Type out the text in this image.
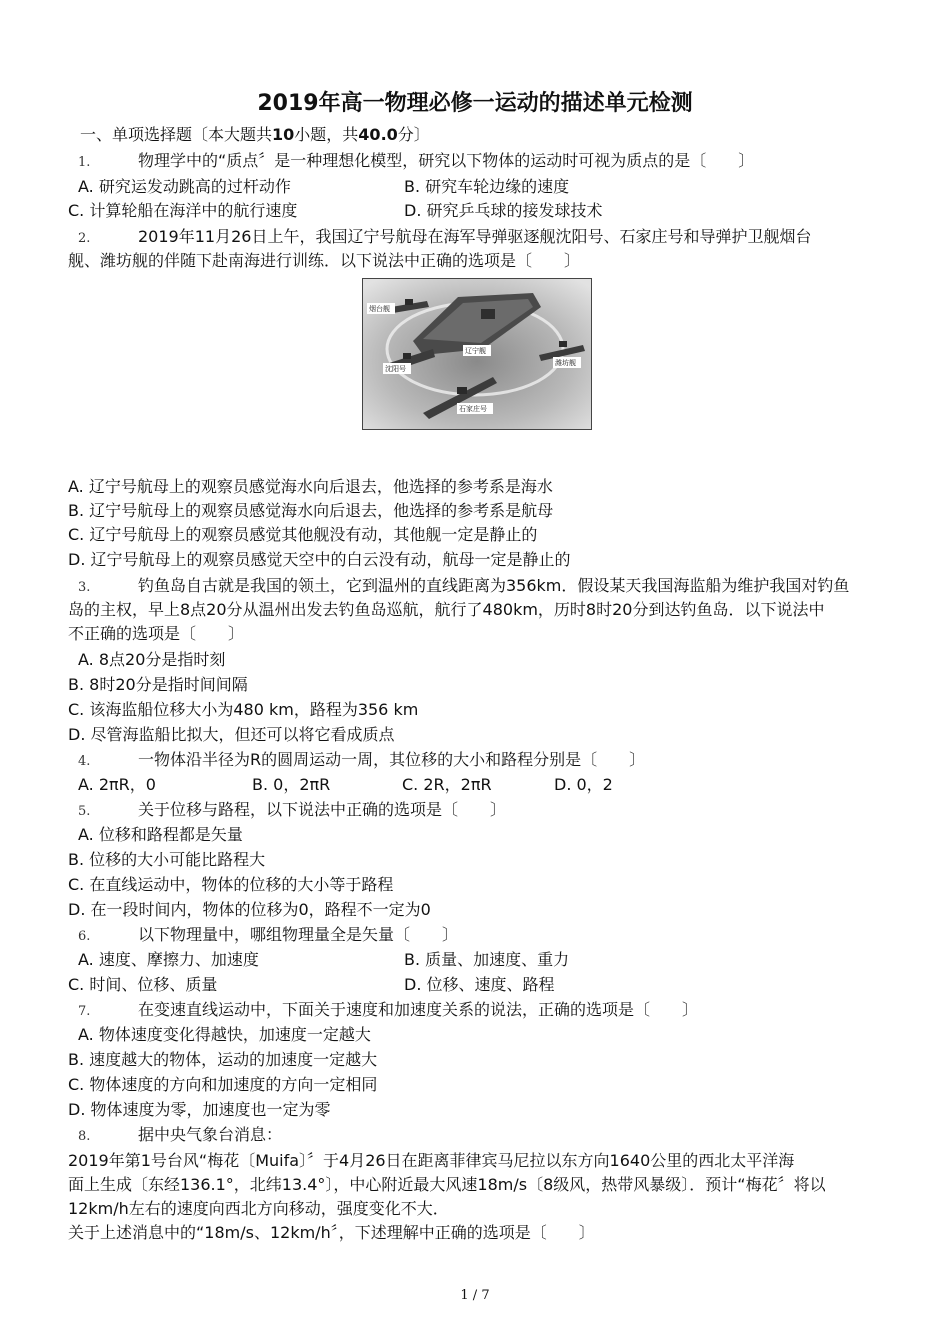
2019年高一物理必修一运动的描述单元检测
一、单项选择题〔本大题共10小题，共40.0分〕
1.	物理学中的“质点〞是一种理想化模型，研究以下物体的运动时可视为质点的是〔　　〕
A. 研究运发动跳高的过杆动作	B. 研究车轮边缘的速度
C. 计算轮船在海洋中的航行速度	D. 研究乒乓球的接发球技术
2.	2019年11月26日上午，我国辽宁号航母在海军导弹驱逐舰沈阳号、石家庄号和导弹护卫舰烟台
舰、潍坊舰的伴随下赴南海进行训练．以下说法中正确的选项是〔　　〕
烟台舰
辽宁舰
潍坊舰
沈阳号
石家庄号
A. 辽宁号航母上的观察员感觉海水向后退去，他选择的参考系是海水
B. 辽宁号航母上的观察员感觉海水向后退去，他选择的参考系是航母
C. 辽宁号航母上的观察员感觉其他舰没有动，其他舰一定是静止的
D. 辽宁号航母上的观察员感觉天空中的白云没有动，航母一定是静止的
3.	钓鱼岛自古就是我国的领土，它到温州的直线距离为356km．假设某天我国海监船为维护我国对钓鱼
岛的主权，早上8点20分从温州出发去钓鱼岛巡航，航行了480km，历时8时20分到达钓鱼岛．以下说法中
不正确的选项是〔　　〕
A. 8点20分是指时刻
B. 8时20分是指时间间隔
C. 该海监船位移大小为480 km，路程为356 km
D. 尽管海监船比拟大，但还可以将它看成质点
4.	一物体沿半径为R的圆周运动一周，其位移的大小和路程分别是〔　　〕
A. 2πR，0	B. 0，2πR	C. 2R，2πR	D. 0，2
5.	关于位移与路程，以下说法中正确的选项是〔　　〕
A. 位移和路程都是矢量
B. 位移的大小可能比路程大
C. 在直线运动中，物体的位移的大小等于路程
D. 在一段时间内，物体的位移为0，路程不一定为0
6.	以下物理量中，哪组物理量全是矢量〔　　〕
A. 速度、摩擦力、加速度	B. 质量、加速度、重力
C. 时间、位移、质量	D. 位移、速度、路程
7.	在变速直线运动中，下面关于速度和加速度关系的说法，正确的选项是〔　　〕
A. 物体速度变化得越快，加速度一定越大
B. 速度越大的物体，运动的加速度一定越大
C. 物体速度的方向和加速度的方向一定相同
D. 物体速度为零，加速度也一定为零
8.	据中央气象台消息：
2019年第1号台风“梅花〔Muifa〕〞于4月26日在距离菲律宾马尼拉以东方向1640公里的西北太平洋海
面上生成〔东经136.1°，北纬13.4°〕，中心附近最大风速18m/s〔8级风，热带风暴级〕．预计“梅花〞将以
12km/h左右的速度向西北方向移动，强度变化不大．
关于上述消息中的“18m/s、12km/h〞，下述理解中正确的选项是〔　　〕
1 / 7
